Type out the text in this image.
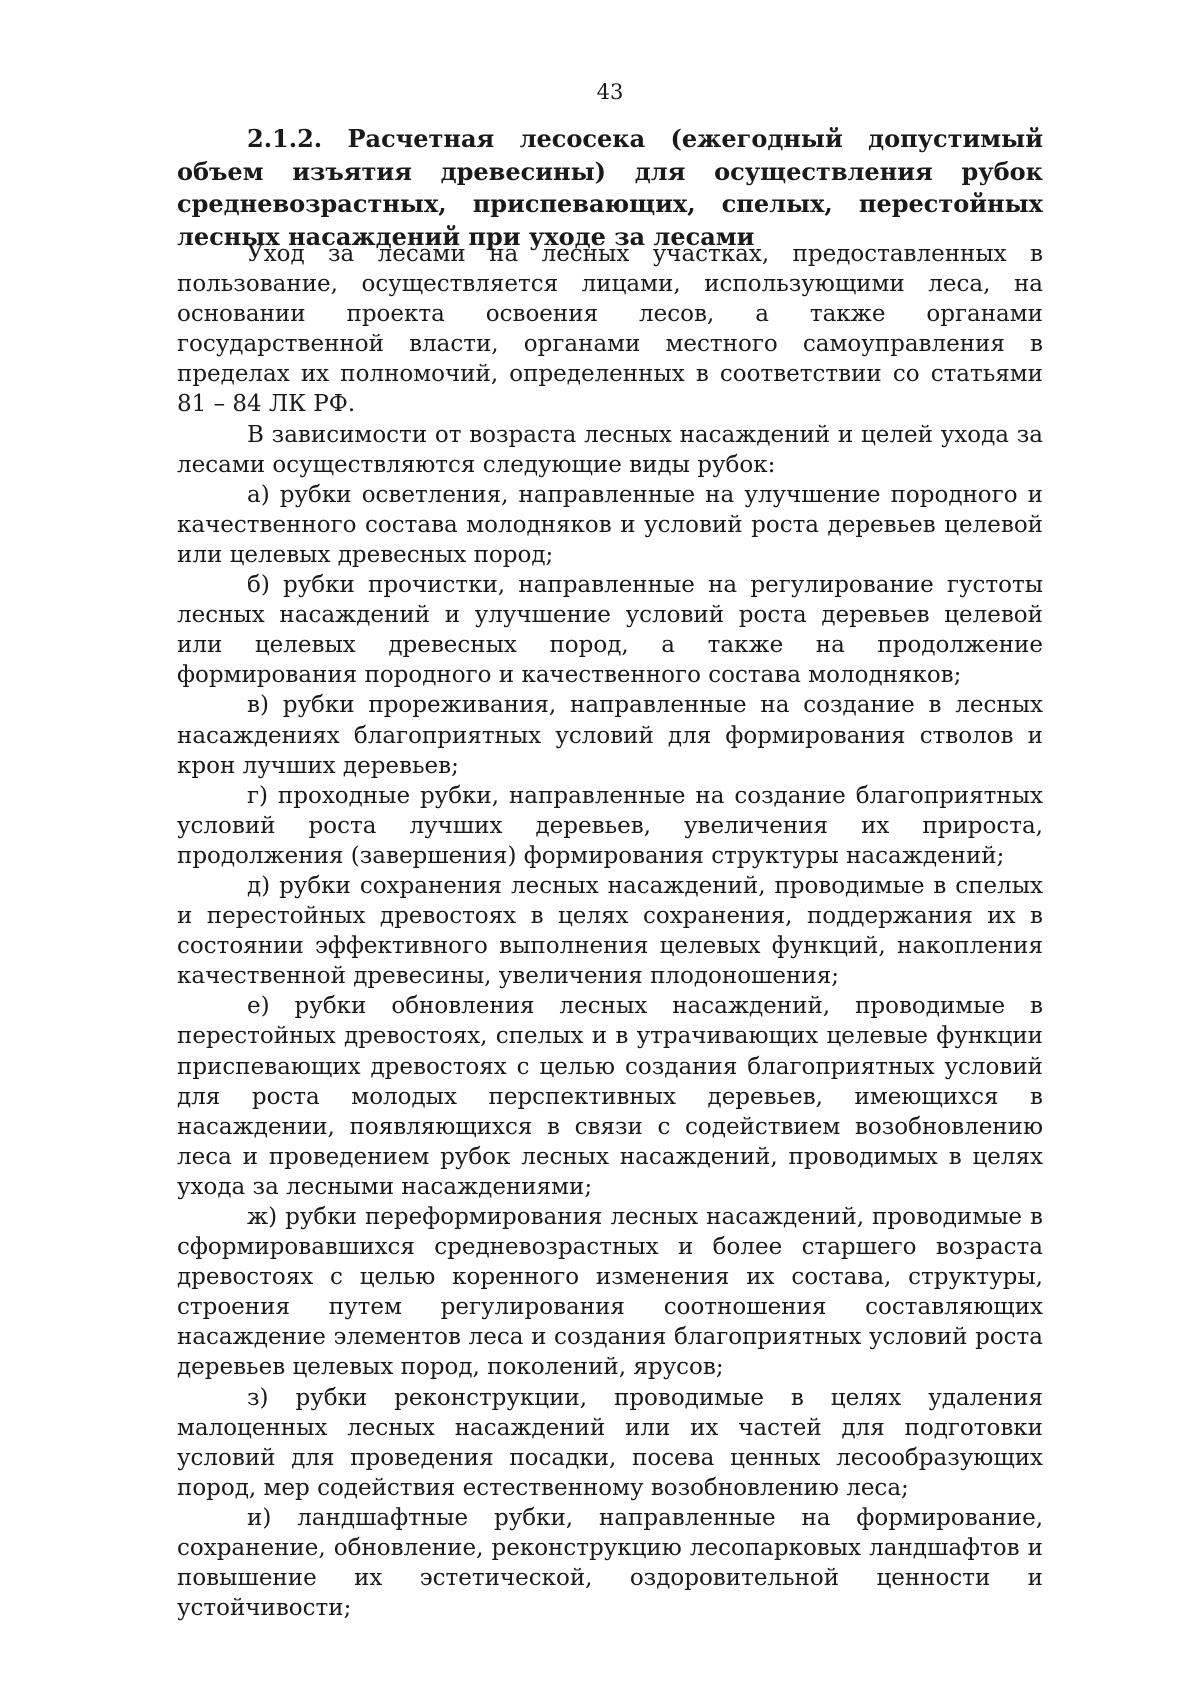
43
2.1.2. Расчетная лесосека (ежегодный допустимый объем изъятия древесины) для осуществления рубок средневозрастных, приспевающих, спелых, перестойных лесных насаждений при уходе за лесами

Уход за лесами на лесных участках, предоставленных в пользование, осуществляется лицами, использующими леса, на основании проекта освоения лесов, а также органами государственной власти, органами местного самоуправления в пределах их полномочий, определенных в соответствии со статьями 81 – 84 ЛК РФ.

В зависимости от возраста лесных насаждений и целей ухода за лесами осуществляются следующие виды рубок:

а) рубки осветления, направленные на улучшение породного и качественного состава молодняков и условий роста деревьев целевой или целевых древесных пород;

б) рубки прочистки, направленные на регулирование густоты лесных насаждений и улучшение условий роста деревьев целевой или целевых древесных пород, а также на продолжение формирования породного и качественного состава молодняков;

в) рубки прореживания, направленные на создание в лесных насаждениях благоприятных условий для формирования стволов и крон лучших деревьев;

г) проходные рубки, направленные на создание благоприятных условий роста лучших деревьев, увеличения их прироста, продолжения (завершения) формирования структуры насаждений;

д) рубки сохранения лесных насаждений, проводимые в спелых и перестойных древостоях в целях сохранения, поддержания их в состоянии эффективного выполнения целевых функций, накопления качественной древесины, увеличения плодоношения;

е) рубки обновления лесных насаждений, проводимые в перестойных древостоях, спелых и в утрачивающих целевые функции приспевающих древостоях с целью создания благоприятных условий для роста молодых перспективных деревьев, имеющихся в насаждении, появляющихся в связи с содействием возобновлению леса и проведением рубок лесных насаждений, проводимых в целях ухода за лесными насаждениями;

ж) рубки переформирования лесных насаждений, проводимые в сформировавшихся средневозрастных и более старшего возраста древостоях с целью коренного изменения их состава, структуры, строения путем регулирования соотношения составляющих насаждение элементов леса и создания благоприятных условий роста деревьев целевых пород, поколений, ярусов;

з) рубки реконструкции, проводимые в целях удаления малоценных лесных насаждений или их частей для подготовки условий для проведения посадки, посева ценных лесообразующих пород, мер содействия естественному возобновлению леса;

и) ландшафтные рубки, направленные на формирование, сохранение, обновление, реконструкцию лесопарковых ландшафтов и повышение их эстетической, оздоровительной ценности и устойчивости;
